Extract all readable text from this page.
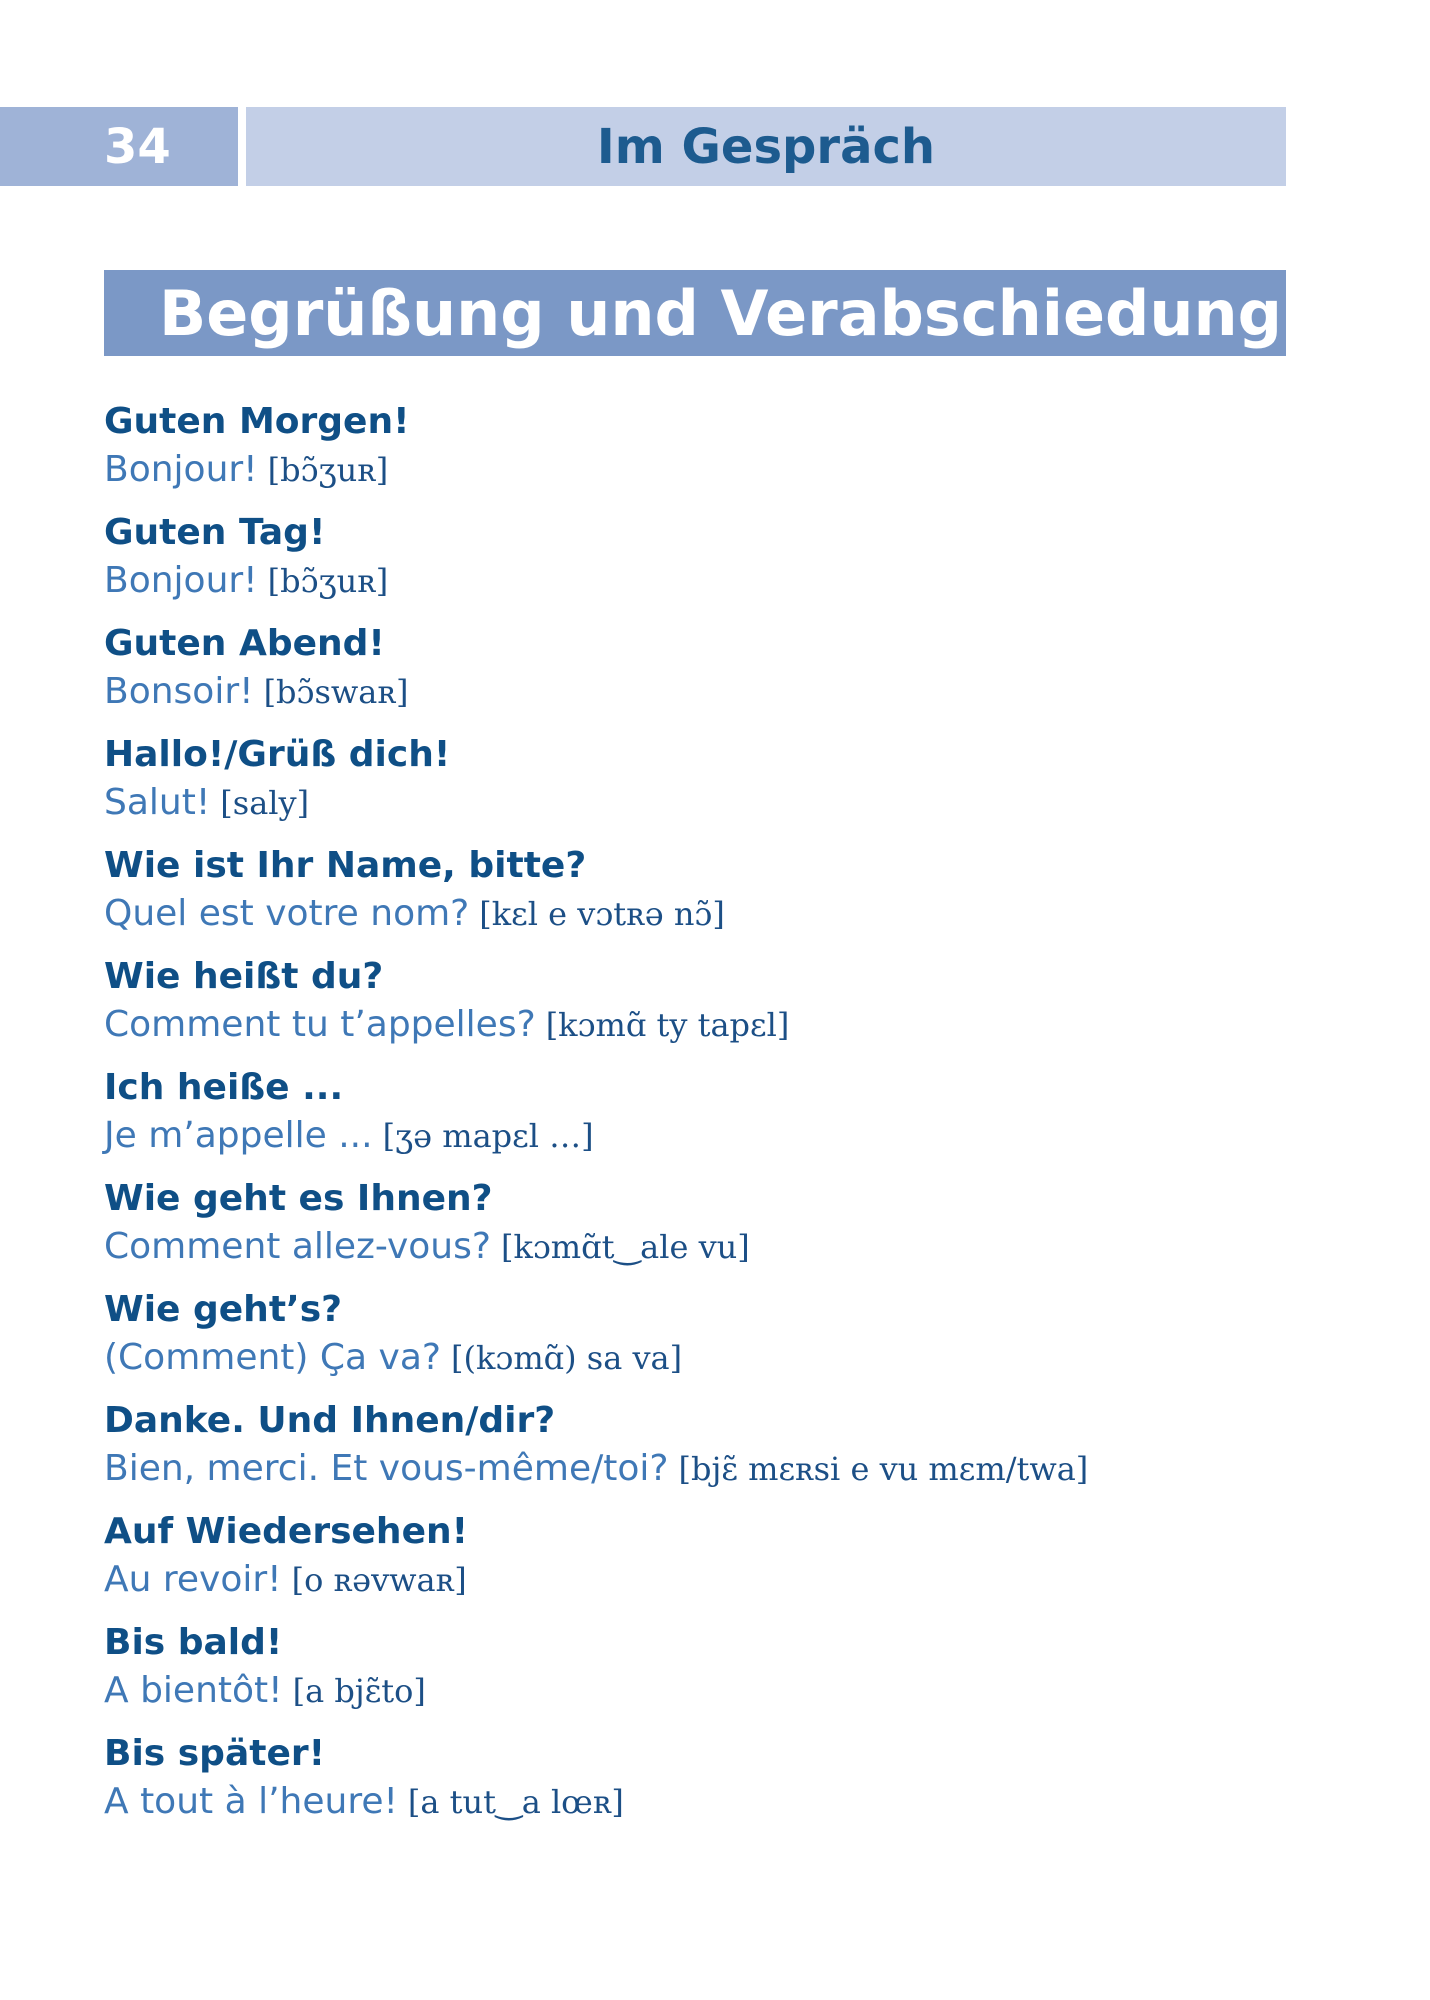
34	Im Gespräch
Begrüßung und Verabschiedung
Guten Morgen!
Bonjour! [bɔ̃ʒuʀ]
Guten Tag!
Bonjour! [bɔ̃ʒuʀ]
Guten Abend!
Bonsoir! [bɔ̃swaʀ]
Hallo!/Grüß dich!
Salut! [saly]
Wie ist Ihr Name, bitte?
Quel est votre nom? [kɛl e vɔtʀə nɔ̃]
Wie heißt du?
Comment tu t’appelles? [kɔmɑ̃ ty tapɛl]
Ich heiße ...
Je m’appelle ... [ʒə mapɛl …]
Wie geht es Ihnen?
Comment allez-vous? [kɔmɑ̃t‿ale vu]
Wie geht’s?
(Comment) Ça va? [(kɔmɑ̃) sa va]
Danke. Und Ihnen/dir?
Bien, merci. Et vous-même/toi? [bjɛ̃ mɛʀsi e vu mɛm/twa]
Auf Wiedersehen!
Au revoir! [o ʀəvwaʀ]
Bis bald!
A bientôt! [a bjɛ̃to]
Bis später!
A tout à l’heure! [a tut‿a lœʀ]
